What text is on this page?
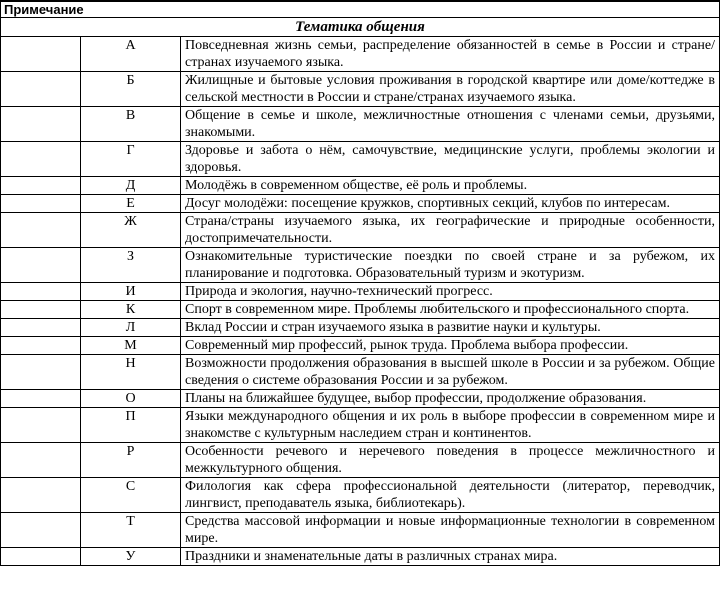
Примечание		
Тематика общения		
	А	Повседневная жизнь семьи, распределение обязанностей в семье в России и стране/странах изучаемого языка.
	Б	Жилищные и бытовые условия проживания в городской квартире или доме/коттедже в сельской местности в России и стране/странах изучаемого языка.
	В	Общение в семье и школе, межличностные отношения с членами семьи, друзьями, знакомыми.
	Г	Здоровье и забота о нём, самочувствие, медицинские услуги, проблемы экологии и здоровья.
	Д	Молодёжь в современном обществе, её роль и проблемы.
	Е	Досуг молодёжи: посещение кружков, спортивных секций, клубов по интересам.
	Ж	Страна/страны изучаемого языка, их географические и природные особенности, достопримечательности.
	З	Ознакомительные туристические поездки по своей стране и за рубежом, их планирование и подготовка. Образовательный туризм и экотуризм.
	И	Природа и экология, научно-технический прогресс.
	К	Спорт в современном мире. Проблемы любительского и профессионального спорта.
	Л	Вклад России и стран изучаемого языка в развитие науки и культуры.
	М	Современный мир профессий, рынок труда. Проблема выбора профессии.
	Н	Возможности продолжения образования в высшей школе в России и за рубежом. Общие сведения о системе образования России и за рубежом.
	О	Планы на ближайшее будущее, выбор профессии, продолжение образования.
	П	Языки международного общения и их роль в выборе профессии в современном мире и знакомстве с культурным наследием стран и континентов.
	Р	Особенности речевого и неречевого поведения в процессе межличностного и межкультурного общения.
	С	Филология как сфера профессиональной деятельности (литератор, переводчик, лингвист, преподаватель языка, библиотекарь).
	Т	Средства массовой информации и новые информационные технологии в современном мире.
	У	Праздники и знаменательные даты в различных странах мира.
